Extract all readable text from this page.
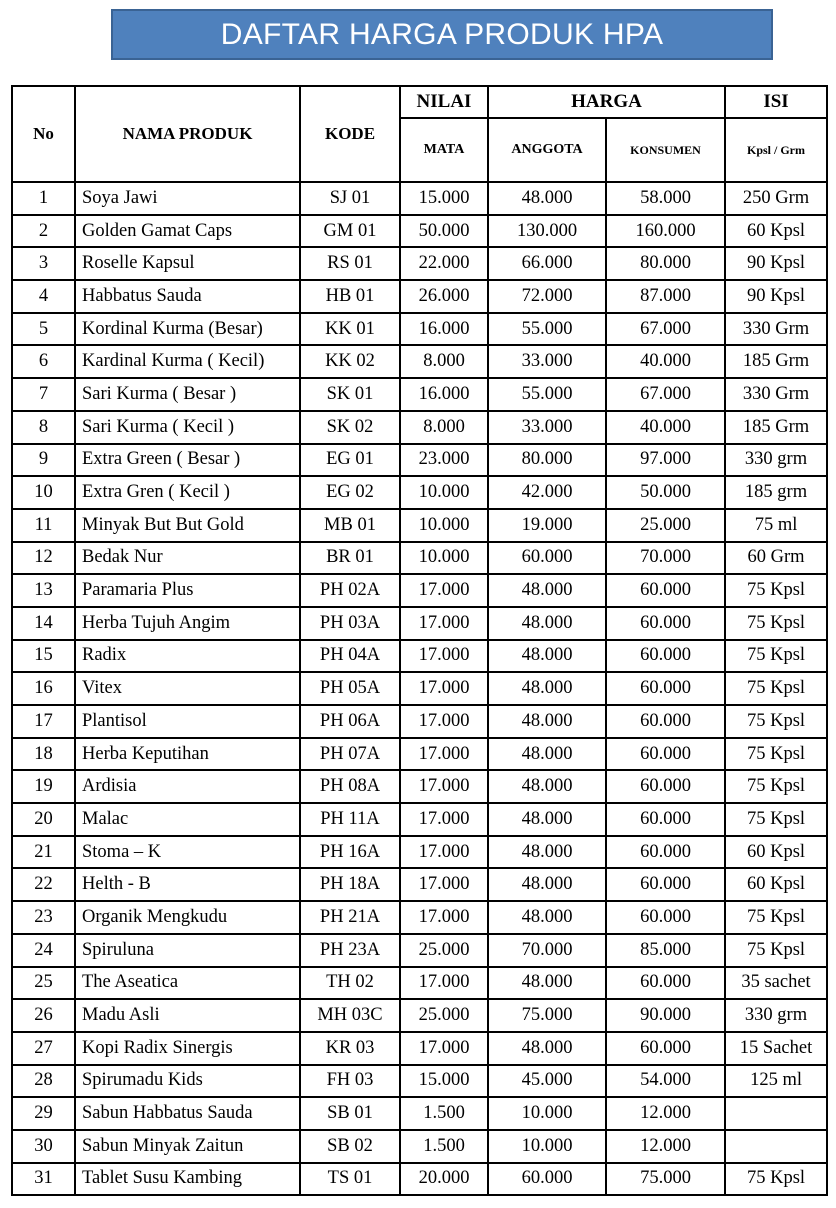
DAFTAR HARGA PRODUK HPA
No	NAMA PRODUK	KODE	NILAI	HARGA		ISI
			MATA	ANGGOTA	KONSUMEN	Kpsl / Grm
1	Soya Jawi	SJ 01	15.000	48.000	58.000	250 Grm
2	Golden Gamat Caps	GM 01	50.000	130.000	160.000	60 Kpsl
3	Roselle Kapsul	RS 01	22.000	66.000	80.000	90 Kpsl
4	Habbatus Sauda	HB 01	26.000	72.000	87.000	90 Kpsl
5	Kordinal Kurma (Besar)	KK 01	16.000	55.000	67.000	330 Grm
6	Kardinal Kurma ( Kecil)	KK 02	8.000	33.000	40.000	185 Grm
7	Sari Kurma ( Besar )	SK 01	16.000	55.000	67.000	330 Grm
8	Sari Kurma ( Kecil )	SK 02	8.000	33.000	40.000	185 Grm
9	Extra Green ( Besar )	EG 01	23.000	80.000	97.000	330 grm
10	Extra Gren ( Kecil )	EG 02	10.000	42.000	50.000	185 grm
11	Minyak But But Gold	MB 01	10.000	19.000	25.000	75 ml
12	Bedak Nur	BR 01	10.000	60.000	70.000	60 Grm
13	Paramaria Plus	PH 02A	17.000	48.000	60.000	75 Kpsl
14	Herba Tujuh Angim	PH 03A	17.000	48.000	60.000	75 Kpsl
15	Radix	PH 04A	17.000	48.000	60.000	75 Kpsl
16	Vitex	PH 05A	17.000	48.000	60.000	75 Kpsl
17	Plantisol	PH 06A	17.000	48.000	60.000	75 Kpsl
18	Herba Keputihan	PH 07A	17.000	48.000	60.000	75 Kpsl
19	Ardisia	PH 08A	17.000	48.000	60.000	75 Kpsl
20	Malac	PH 11A	17.000	48.000	60.000	75 Kpsl
21	Stoma – K	PH 16A	17.000	48.000	60.000	60 Kpsl
22	Helth - B	PH 18A	17.000	48.000	60.000	60 Kpsl
23	Organik Mengkudu	PH 21A	17.000	48.000	60.000	75 Kpsl
24	Spiruluna	PH 23A	25.000	70.000	85.000	75 Kpsl
25	The Aseatica	TH 02	17.000	48.000	60.000	35 sachet
26	Madu Asli	MH 03C	25.000	75.000	90.000	330 grm
27	Kopi Radix Sinergis	KR 03	17.000	48.000	60.000	15 Sachet
28	Spirumadu Kids	FH 03	15.000	45.000	54.000	125 ml
29	Sabun Habbatus Sauda	SB 01	1.500	10.000	12.000	
30	Sabun Minyak Zaitun	SB 02	1.500	10.000	12.000	
31	Tablet Susu Kambing	TS 01	20.000	60.000	75.000	75 Kpsl
